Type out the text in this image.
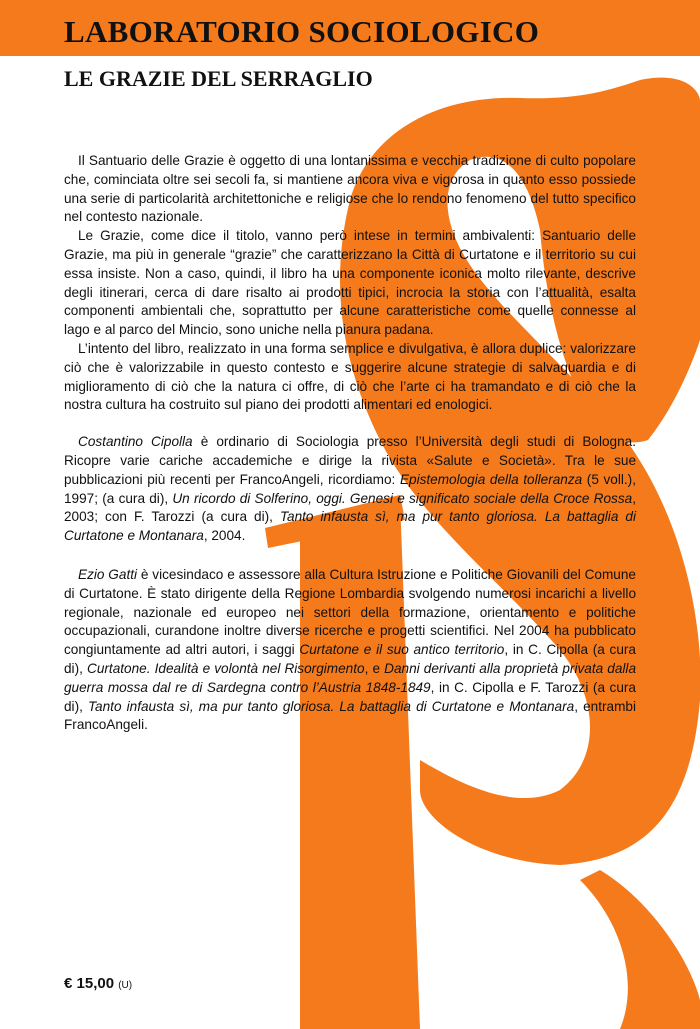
LABORATORIO SOCIOLOGICO
LE GRAZIE DEL SERRAGLIO

Il Santuario delle Grazie è oggetto di una lontanissima e vecchia tradizione di culto popolare che, cominciata oltre sei secoli fa, si mantiene ancora viva e vigorosa in quanto esso possiede una serie di particolarità architettoniche e religiose che lo rendono fenomeno del tutto specifico nel contesto nazionale.

Le Grazie, come dice il titolo, vanno però intese in termini ambivalenti: Santuario delle Grazie, ma più in generale “grazie” che caratterizzano la Città di Curtatone e il territorio su cui essa insiste. Non a caso, quindi, il libro ha una componente iconica molto rilevante, descrive degli itinerari, cerca di dare risalto ai prodotti tipici, incrocia la storia con l’attualità, esalta componenti ambientali che, soprattutto per alcune caratteristiche come quelle connesse al lago e al parco del Mincio, sono uniche nella pianura padana.

L’intento del libro, realizzato in una forma semplice e divulgativa, è allora duplice: valorizzare ciò che è valorizzabile in questo contesto e suggerire alcune strategie di salvaguardia e di miglioramento di ciò che la natura ci offre, di ciò che l’arte ci ha tramandato e di ciò che la nostra cultura ha costruito sul piano dei prodotti alimentari ed enologici.

Costantino Cipolla è ordinario di Sociologia presso l’Università degli studi di Bologna. Ricopre varie cariche accademiche e dirige la rivista «Salute e Società». Tra le sue pubblicazioni più recenti per FrancoAngeli, ricordiamo: Epistemologia della tolleranza (5 voll.), 1997; (a cura di), Un ricordo di Solferino, oggi. Genesi e significato sociale della Croce Rossa, 2003; con F. Tarozzi (a cura di), Tanto infausta sì, ma pur tanto gloriosa. La battaglia di Curtatone e Montanara, 2004.

Ezio Gatti è vicesindaco e assessore alla Cultura Istruzione e Politiche Giovanili del Comune di Curtatone. È stato dirigente della Regione Lombardia svolgendo numerosi incarichi a livello regionale, nazionale ed europeo nei settori della formazione, orientamento e politiche occupazionali, curandone inoltre diverse ricerche e progetti scientifici. Nel 2004 ha pubblicato congiuntamente ad altri autori, i saggi Curtatone e il suo antico territorio, in C. Cipolla (a cura di), Curtatone. Idealità e volontà nel Risorgimento, e Danni derivanti alla proprietà privata dalla guerra mossa dal re di Sardegna contro l’Austria 1848-1849, in C. Cipolla e F. Tarozzi (a cura di), Tanto infausta sì, ma pur tanto gloriosa. La battaglia di Curtatone e Montanara, entrambi FrancoAngeli.

€ 15,00 (U)
